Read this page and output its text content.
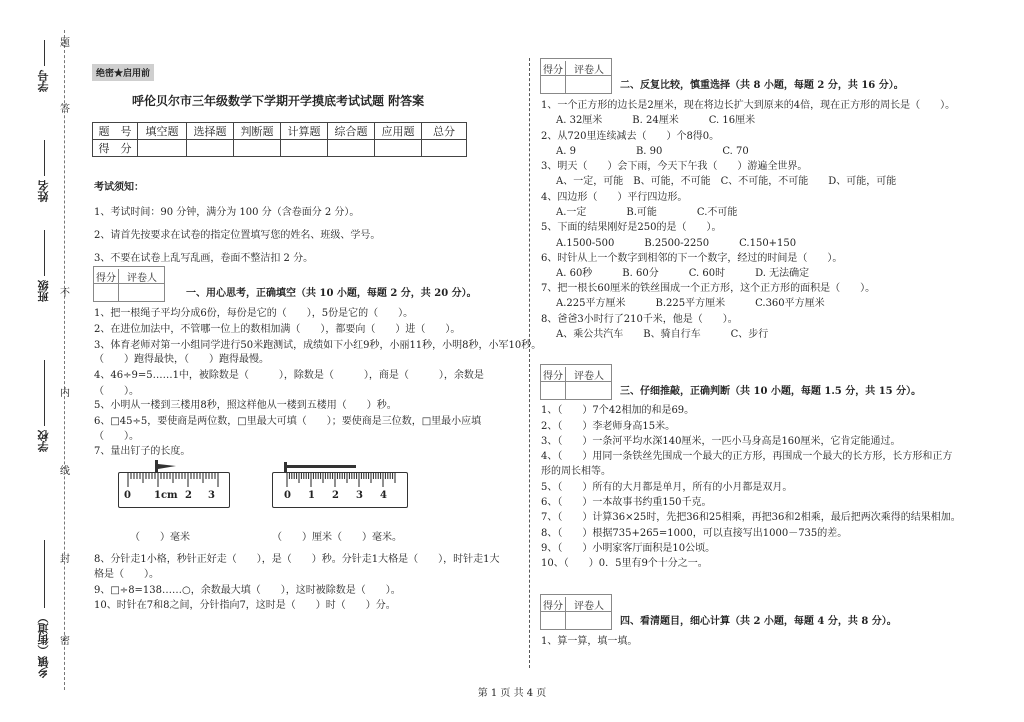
学号
姓名
班级
学校
乡镇（街道）
题
答
不
内
线
封
密
绝密★启用前
呼伦贝尔市三年级数学下学期开学摸底考试试题 附答案
题　号	填空题	选择题	判断题	计算题	综合题	应用题	总分
得　分							
考试须知：
1、考试时间：90 分钟，满分为 100 分（含卷面分 2 分）。
2、请首先按要求在试卷的指定位置填写您的姓名、班级、学号。
3、不要在试卷上乱写乱画，卷面不整洁扣 2 分。
得分	评卷人
一、用心思考，正确填空（共 10 小题，每题 2 分，共 20 分）。
1、把一根绳子平均分成6份，每份是它的（　　），5份是它的（　　）。
2、在进位加法中，不管哪一位上的数相加满（　　），都要向（　　）进（　　）。
3、体育老师对第一小组同学进行50米跑测试，成绩如下小红9秒，小丽11秒，小明8秒，小军10秒。
（　　）跑得最快，（　　）跑得最慢。
4、46÷9=5……1中，被除数是（　　　），除数是（　　　），商是（　　　），余数是
（　　）。
5、小明从一楼到三楼用8秒，照这样他从一楼到五楼用（　　）秒。
6、□45÷5，要使商是两位数，□里最大可填（　　）；要使商是三位数，□里最小应填
（　　）。
7、量出钉子的长度。
0 1cm 2 3	0 1 2 3 4
（　　）毫米	（　　）厘米（　　）毫米。
8、分针走1小格，秒针正好走（　　），是（　　）秒。分针走1大格是（　　），时针走1大
格是（　　）。
9、□÷8=138……○，余数最大填（　　），这时被除数是（　　）。
10、时针在7和8之间，分针指向7，这时是（　　）时（　　）分。
得分	评卷人
二、反复比较，慎重选择（共 8 小题，每题 2 分，共 16 分）。
1、一个正方形的边长是2厘米，现在将边长扩大到原来的4倍，现在正方形的周长是（　　）。
A. 32厘米　　　B. 24厘米　　　C. 16厘米
2、从720里连续减去（　　）个8得0。
A. 9　　　　　　B. 90　　　　　　C. 70
3、明天（　　）会下雨，今天下午我（　　）游遍全世界。
A、一定，可能　B、可能，不可能　C、不可能，不可能　　D、可能，可能
4、四边形（　　）平行四边形。
A.一定　　　　B.可能　　　　C.不可能
5、下面的结果刚好是250的是（　　）。
A.1500-500　　　B.2500-2250　　　C.150+150
6、时针从上一个数字到相邻的下一个数字，经过的时间是（　　）。
A. 60秒　　　B. 60分　　　C. 60时　　　D. 无法确定
7、把一根长60厘米的铁丝围成一个正方形，这个正方形的面积是（　　）。
A.225平方厘米　　　B.225平方厘米　　　C.360平方厘米
8、爸爸3小时行了210千米，他是（　　）。
A、乘公共汽车　　B、骑自行车　　　C、步行
得分	评卷人
三、仔细推敲，正确判断（共 10 小题，每题 1.5 分，共 15 分）。
1、（　　）7个42相加的和是69。
2、（　　）李老师身高15米。
3、（　　）一条河平均水深140厘米，一匹小马身高是160厘米，它肯定能通过。
4、（　　）用同一条铁丝先围成一个最大的正方形，再围成一个最大的长方形，长方形和正方
形的周长相等。
5、（　　）所有的大月都是单月，所有的小月都是双月。
6、（　　）一本故事书约重150千克。
7、（　　）计算36×25时，先把36和25相乘，再把36和2相乘，最后把两次乘得的结果相加。
8、（　　）根据735+265=1000，可以直接写出1000－735的差。
9、（　　）小明家客厅面积是10公顷。
10、（　　）0．5里有9个十分之一。
得分	评卷人
四、看清题目，细心计算（共 2 小题，每题 4 分，共 8 分）。
1、算一算，填一填。
第 1 页 共 4 页
